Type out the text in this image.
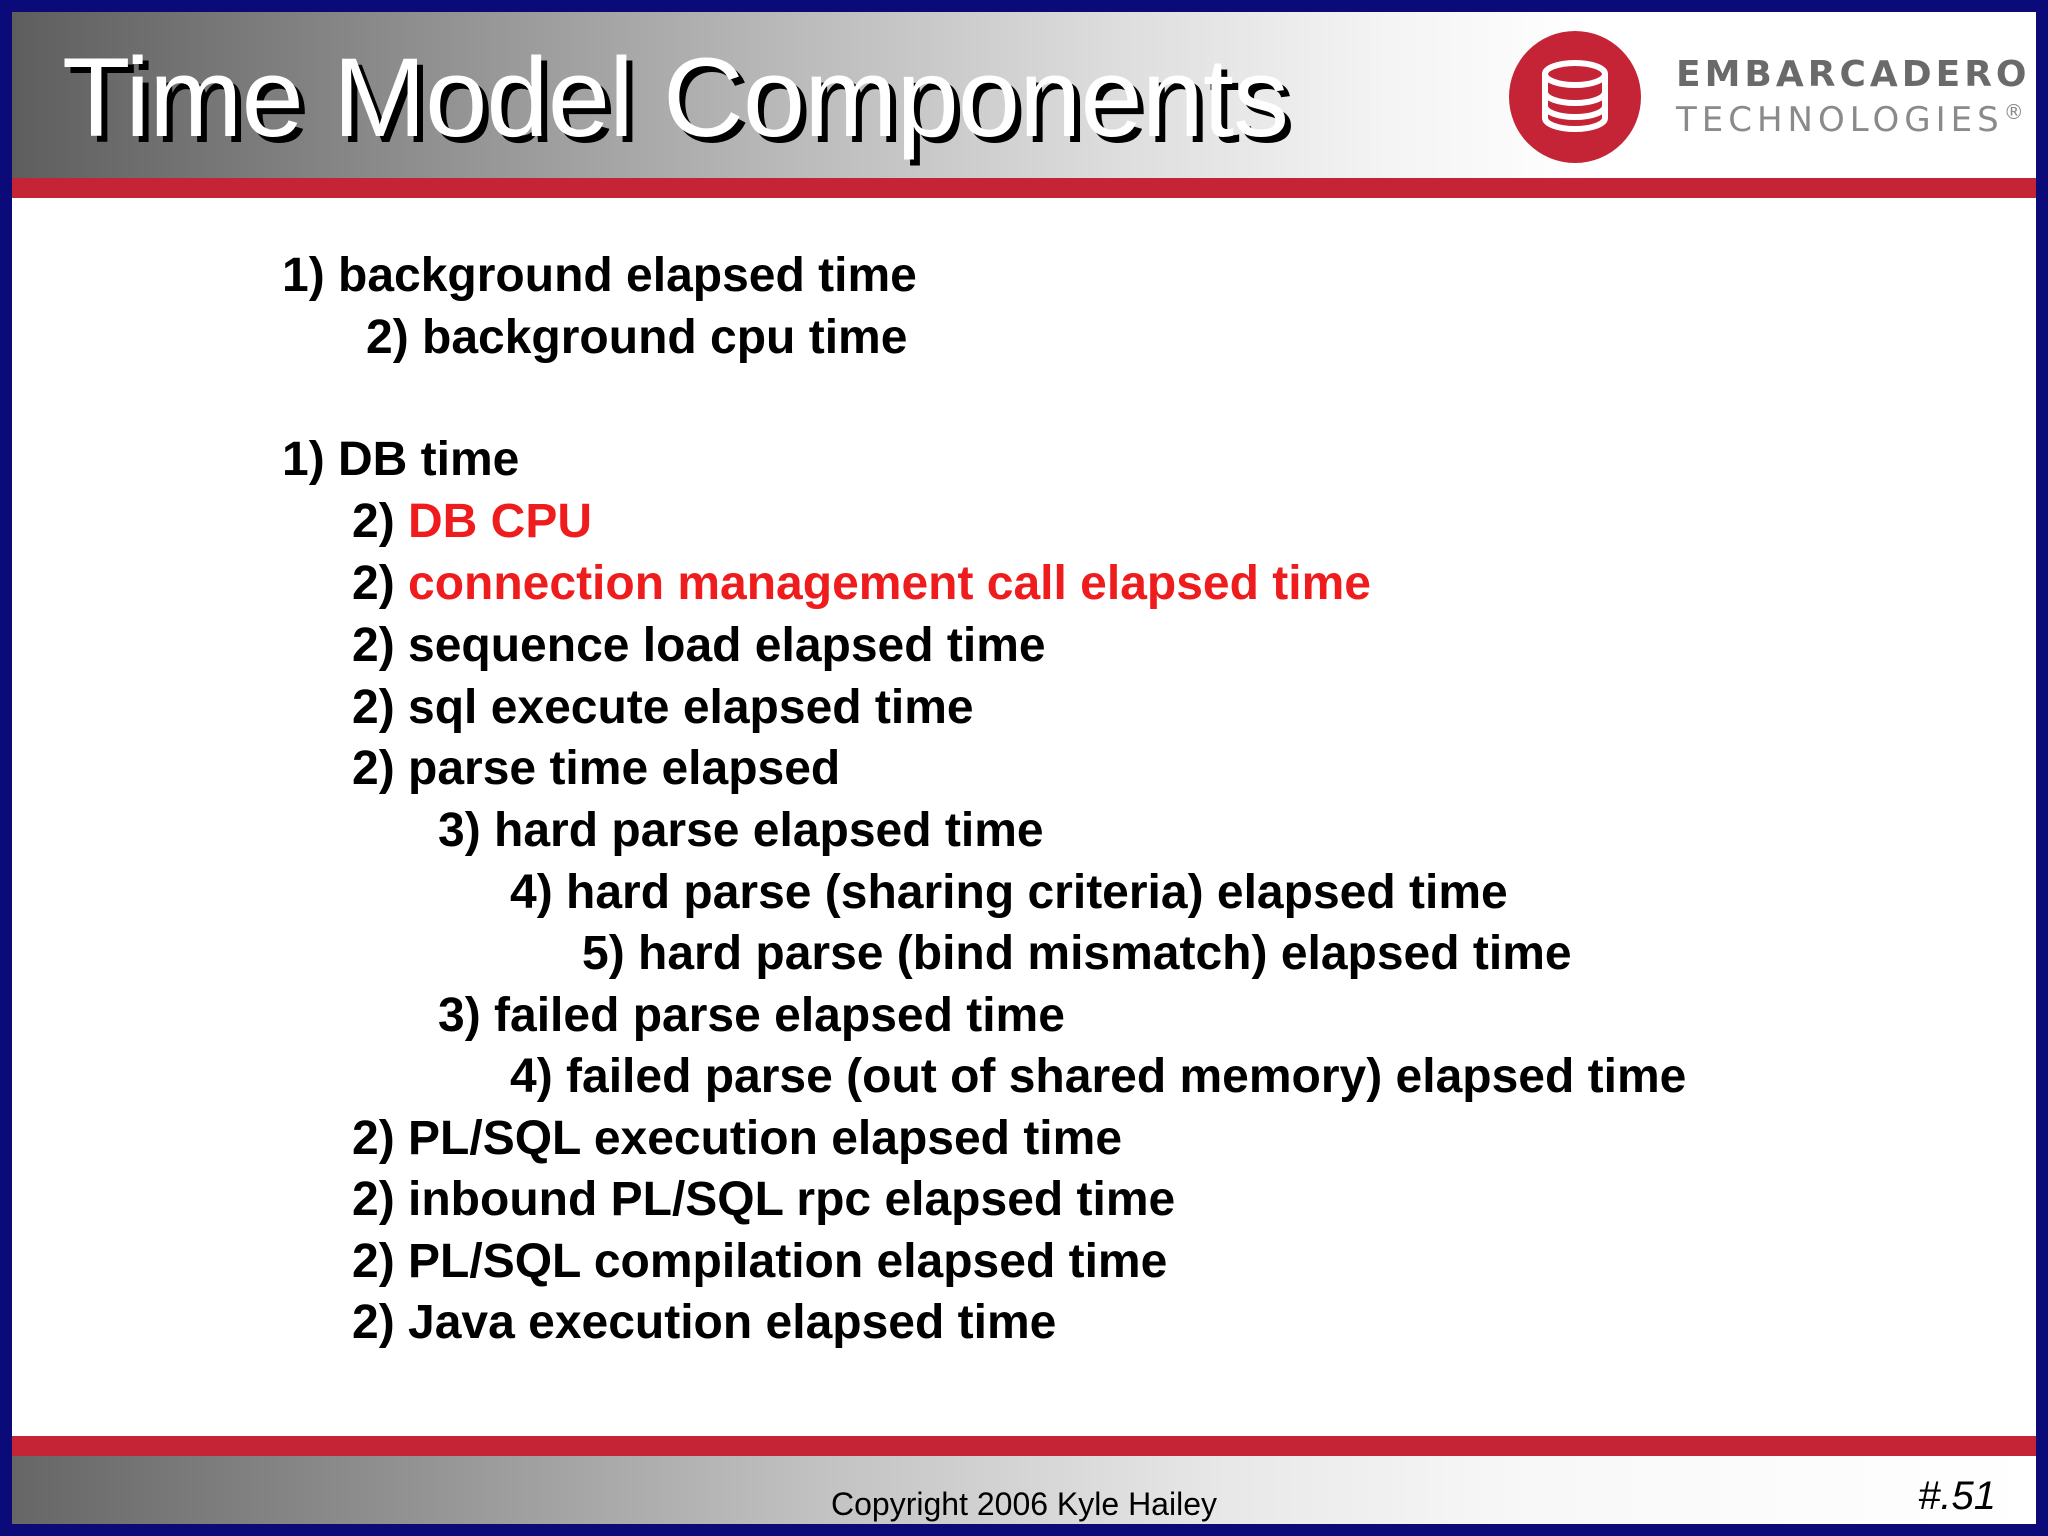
Time Model Components	EMBARCADERO
TECHNOLOGIES®
1) background elapsed time
2) background cpu time
1) DB time
2) DB CPU
2) connection management call elapsed time
2) sequence load elapsed time
2) sql execute elapsed time
2) parse time elapsed
3) hard parse elapsed time
4) hard parse (sharing criteria) elapsed time
5) hard parse (bind mismatch) elapsed time
3) failed parse elapsed time
4) failed parse (out of shared memory) elapsed time
2) PL/SQL execution elapsed time
2) inbound PL/SQL rpc elapsed time
2) PL/SQL compilation elapsed time
2) Java execution elapsed time
Copyright 2006 Kyle Hailey	#.51
